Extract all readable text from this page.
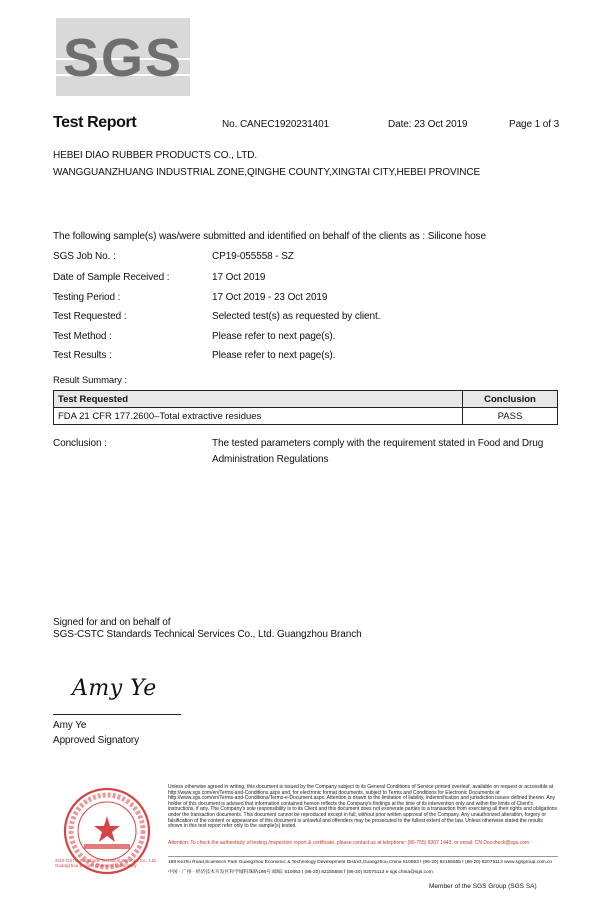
SGS
Test Report	No. CANEC1920231401	Date: 23 Oct 2019	Page 1 of 3
HEBEI DIAO RUBBER PRODUCTS CO., LTD.
WANGGUANZHUANG INDUSTRIAL ZONE,QINGHE COUNTY,XINGTAI CITY,HEBEI PROVINCE
The following sample(s) was/were submitted and identified on behalf of the clients as : Silicone hose
SGS Job No. :	CP19-055558 - SZ
Date of Sample Received :	17 Oct 2019
Testing Period :	17 Oct 2019 - 23 Oct 2019
Test Requested :	Selected test(s) as requested by client.
Test Method :	Please refer to next page(s).
Test Results :	Please refer to next page(s).
Result Summary :
Test Requested	Conclusion
FDA 21 CFR 177.2600–Total extractive residues	PASS
Conclusion :	The tested parameters comply with the requirement stated in Food and Drug
Administration Regulations
Signed for and on behalf of
SGS-CSTC Standards Technical Services Co., Ltd. Guangzhou Branch
Amy Ye
Amy Ye
Approved Signatory
SGS-CSTC Standards Technical Services Co., Ltd. Guangzhou Branch Chemical Laboratory
Unless otherwise agreed in writing, this document is issued by the Company subject to its General Conditions of Service printed overleaf, available on request or accessible at http://www.sgs.com/en/Terms-and-Conditions.aspx and, for electronic format documents, subject to Terms and Conditions for Electronic Documents at http://www.sgs.com/en/Terms-and-Conditions/Terms-e-Document.aspx. Attention is drawn to the limitation of liability, indemnification and jurisdiction issues defined therein. Any holder of this document is advised that information contained hereon reflects the Company's findings at the time of its intervention only and within the limits of Client's instructions, if any. The Company's sole responsibility is to its Client and this document does not exonerate parties to a transaction from exercising all their rights and obligations under the transaction documents. This document cannot be reproduced except in full, without prior written approval of the Company. Any unauthorized alteration, forgery or falsification of the content or appearance of this document is unlawful and offenders may be prosecuted to the fullest extent of the law. Unless otherwise stated the results shown in this test report refer only to the sample(s) tested.
Attention: To check the authenticity of testing /inspection report & certificate, please contact us at telephone: (86-755) 8307 1443, or email: CN.Doccheck@sgs.com
198 Kezhu Road,Scientech Park Guangzhou Economic & Technology Development District,Guangzhou,China 510663 t (86-20) 82155555 f (86-20) 82075113 www.sgsgroup.com.cn
中国 · 广州 · 经济技术开发区科学城科珠路198号 邮编: 510663 t (86-20) 82155555 f (86-20) 82075113 e sgs.china@sgs.com
Member of the SGS Group (SGS SA)
